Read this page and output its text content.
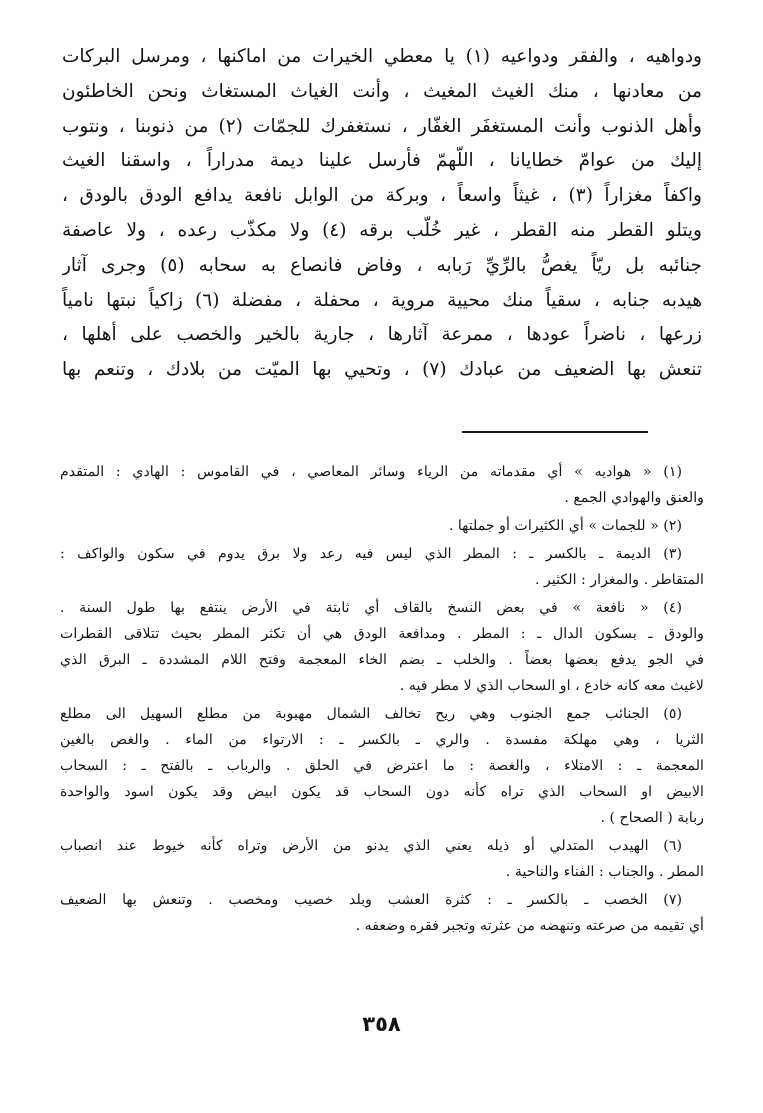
ودواهيه ، والفقر ودواعيه (١) يا معطي الخيرات من اماكنها ، ومرسل البركات
من معادنها ، منك الغيث المغيث ، وأنت الغياث المستغاث ونحن الخاطئون
وأهل الذنوب وأنت المستغفَر الغفّار ، نستغفرك للجمّات (٢) من ذنوبنا ، ونتوب
إليك من عوامّ خطايانا ، اللّهمّ فأرسل علينا ديمة مدراراً ، واسقنا الغيث
واكفاً مغزاراً (٣) ، غيثاً واسعاً ، وبركة من الوابل نافعة يدافع الودق بالودق ،
ويتلو القطر منه القطر ، غير خُلّب برقه (٤) ولا مكذّب رعده ، ولا عاصفة
جنائبه بل ريّاً يغصُّ بالرِّيِّ رَبابه ، وفاض فانصاع به سحابه (٥) وجرى آثار
هيدبه جنابه ، سقياً منك محيية مروية ، محفلة ، مفضلة (٦) زاكياً نبتها نامياً
زرعها ، ناضراً عودها ، ممرعة آثارها ، جارية بالخير والخصب على أهلها ،
تنعش بها الضعيف من عبادك (٧) ، وتحيي بها الميّت من بلادك ، وتنعم بها
(١) « هواديه » أي مقدماته من الرياء وسائر المعاصي ، في القاموس : الهادي : المتقدم
والعنق والهوادي الجمع .
(٢) « للجمات » أي الكثيرات أو جملتها .
(٣) الديمة ـ بالكسر ـ : المطر الذي ليس فيه رعد ولا برق يدوم في سكون والواكف :
المتقاطر . والمغزار : الكثير .
(٤) « نافعة » في بعض النسخ بالقاف أي ثابتة في الأرض ينتفع بها طول السنة .
والودق ـ بسكون الدال ـ : المطر . ومدافعة الودق هي أن تكثر المطر بحيث تتلاقى القطرات
في الجو يدفع بعضها بعضاً . والخلب ـ بضم الخاء المعجمة وفتح اللام المشددة ـ البرق الذي
لاغيث معه كانه خادع ، او السحاب الذي لا مطر فيه .
(٥) الجنائب جمع الجنوب وهي ريح تخالف الشمال مهبوبة من مطلع السهيل الى مطلع
الثريا ، وهي مهلكة مفسدة . والري ـ بالكسر ـ : الارتواء من الماء . والغص بالغين
المعجمة ـ : الامتلاء ، والغصة : ما اعترض في الحلق . والرباب ـ بالفتح ـ : السحاب
الابيض او السحاب الذي تراه كأنه دون السحاب قد يكون ابيض وقد يكون اسود والواحدة
ربابة ( الصحاح ) .
(٦) الهيدب المتدلي أو ذيله يعني الذي يدنو من الأرض وتراه كأنه خيوط عند انصباب
المطر . والجناب : الفناء والناحية .
(٧) الخصب ـ بالكسر ـ : كثرة العشب وبلد خصيب ومخصب . وتنعش بها الضعيف
أي تقيمه من صرعته وتنهضه من عثرته وتجبر فقره وضعفه .
٣٥٨
